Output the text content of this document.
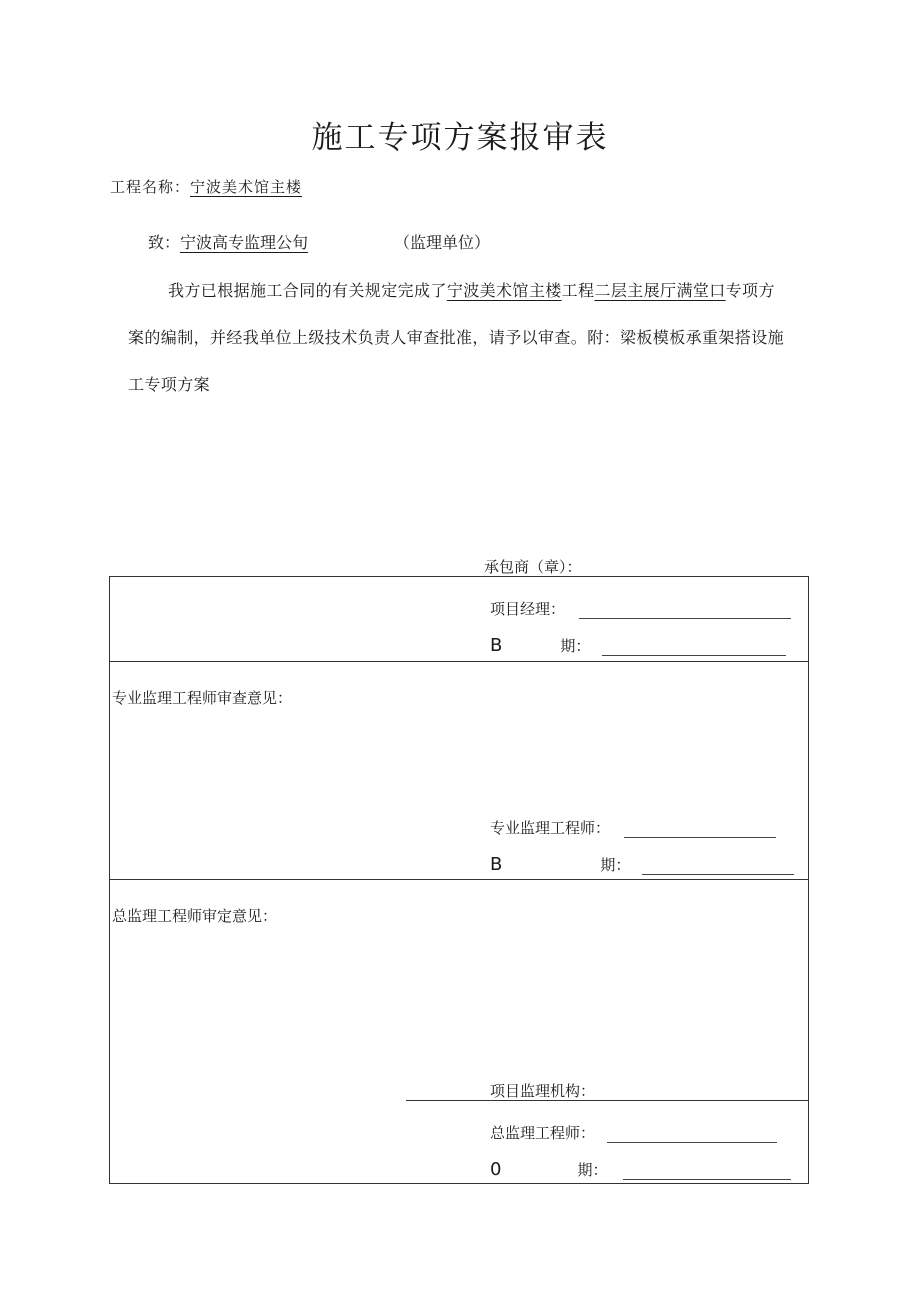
施工专项方案报审表
工程名称：宁波美术馆主楼
致：宁波高专监理公旬	（监理单位）
我方已根据施工合同的有关规定完成了宁波美术馆主楼工程二层主展厅满堂口专项方
案的编制，并经我单位上级技术负责人审查批准，请予以审查。附：梁板模板承重架搭设施
工专项方案
承包商（章）：
项目经理：
B	期：
专业监理工程师审查意见：
专业监理工程师：
B	期：
总监理工程师审定意见：
项目监理机构：
总监理工程师：
0	期：
